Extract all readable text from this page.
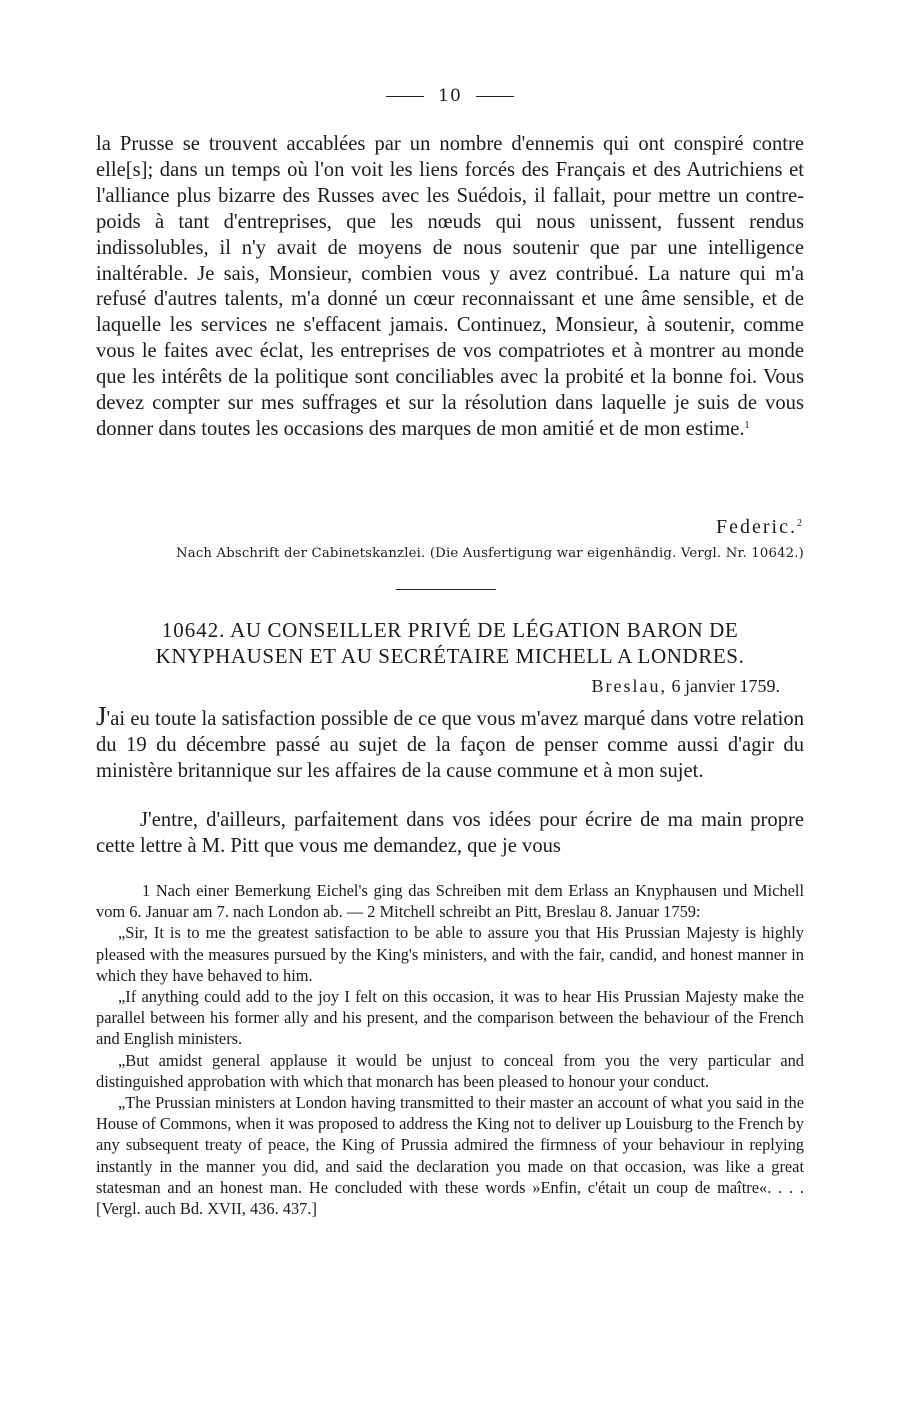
10

la Prusse se trouvent accablées par un nombre d'ennemis qui ont conspiré contre elle[s]; dans un temps où l'on voit les liens forcés des Français et des Autrichiens et l'alliance plus bizarre des Russes avec les Suédois, il fallait, pour mettre un contre-poids à tant d'entreprises, que les nœuds qui nous unissent, fussent rendus indissolubles, il n'y avait de moyens de nous soutenir que par une intelligence inaltérable. Je sais, Monsieur, combien vous y avez contribué. La nature qui m'a refusé d'autres talents, m'a donné un cœur reconnaissant et une âme sensible, et de laquelle les services ne s'effacent jamais. Continuez, Monsieur, à soutenir, comme vous le faites avec éclat, les entreprises de vos compatriotes et à montrer au monde que les intérêts de la politique sont conciliables avec la probité et la bonne foi. Vous devez compter sur mes suffrages et sur la résolution dans laquelle je suis de vous donner dans toutes les occasions des marques de mon amitié et de mon estime.$^1$

Federic.$^2$
Nach Abschrift der Cabinetskanzlei. (Die Ausfertigung war eigenhändig. Vergl. Nr. 10642.)
10642. AU CONSEILLER PRIVÉ DE LÉGATION BARON DE
KNYPHAUSEN ET AU SECRÉTAIRE MICHELL A LONDRES.
Breslau, 6 janvier 1759.

J'ai eu toute la satisfaction possible de ce que vous m'avez marqué dans votre relation du 19 du décembre passé au sujet de la façon de penser comme aussi d'agir du ministère britannique sur les affaires de la cause commune et à mon sujet.

J'entre, d'ailleurs, parfaitement dans vos idées pour écrire de ma main propre cette lettre à M. Pitt que vous me demandez, que je vous

1 Nach einer Bemerkung Eichel's ging das Schreiben mit dem Erlass an Knyphausen und Michell vom 6. Januar am 7. nach London ab. — 2 Mitchell schreibt an Pitt, Breslau 8. Januar 1759:

„Sir, It is to me the greatest satisfaction to be able to assure you that His Prussian Majesty is highly pleased with the measures pursued by the King's ministers, and with the fair, candid, and honest manner in which they have behaved to him.

„If anything could add to the joy I felt on this occasion, it was to hear His Prussian Majesty make the parallel between his former ally and his present, and the comparison between the behaviour of the French and English ministers.

„But amidst general applause it would be unjust to conceal from you the very particular and distinguished approbation with which that monarch has been pleased to honour your conduct.

„The Prussian ministers at London having transmitted to their master an account of what you said in the House of Commons, when it was proposed to address the King not to deliver up Louisburg to the French by any subsequent treaty of peace, the King of Prussia admired the firmness of your behaviour in replying instantly in the manner you did, and said the declaration you made on that occasion, was like a great statesman and an honest man. He concluded with these words »Enfin, c'était un coup de maître«. . . . [Vergl. auch Bd. XVII, 436. 437.]
